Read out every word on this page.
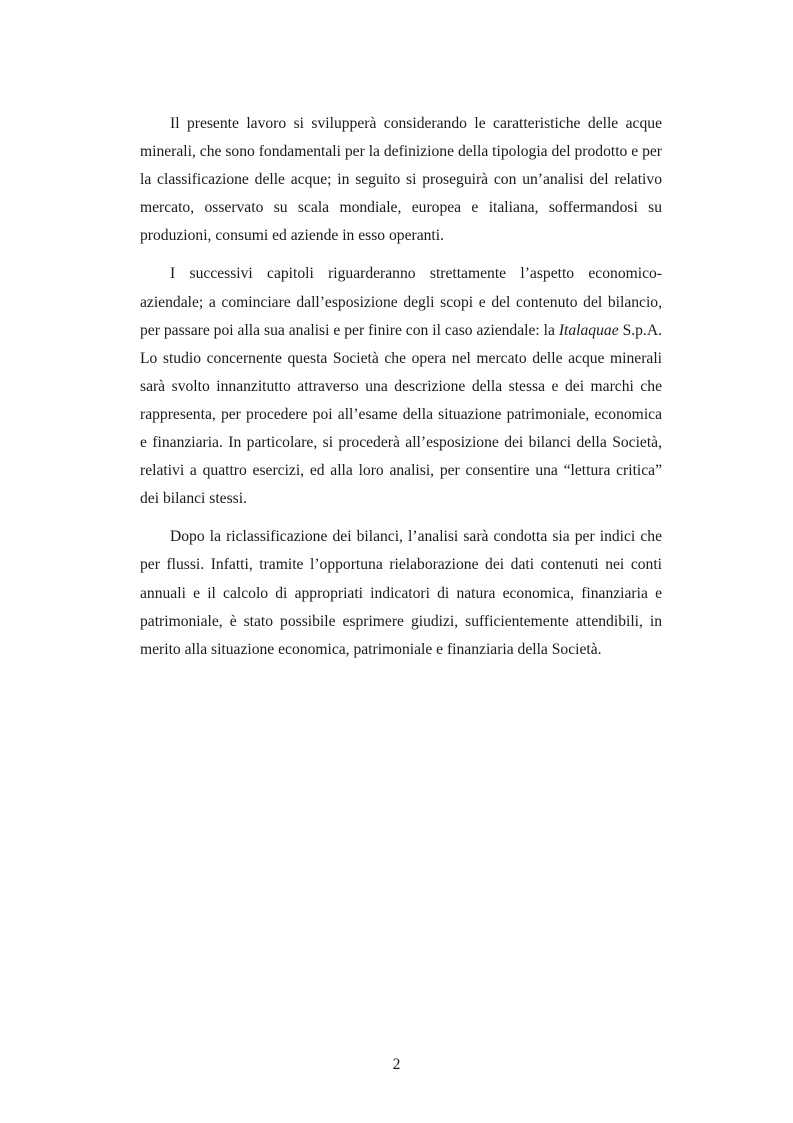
Il presente lavoro si svilupperà considerando le caratteristiche delle acque minerali, che sono fondamentali per la definizione della tipologia del prodotto e per la classificazione delle acque; in seguito si proseguirà con un’analisi del relativo mercato, osservato su scala mondiale, europea e italiana, soffermandosi su produzioni, consumi ed aziende in esso operanti.

I successivi capitoli riguarderanno strettamente l’aspetto economico-aziendale; a cominciare dall’esposizione degli scopi e del contenuto del bilancio, per passare poi alla sua analisi e per finire con il caso aziendale: la Italaquae S.p.A. Lo studio concernente questa Società che opera nel mercato delle acque minerali sarà svolto innanzitutto attraverso una descrizione della stessa e dei marchi che rappresenta, per procedere poi all’esame della situazione patrimoniale, economica e finanziaria. In particolare, si procederà all’esposizione dei bilanci della Società, relativi a quattro esercizi, ed alla loro analisi, per consentire una “lettura critica” dei bilanci stessi.

Dopo la riclassificazione dei bilanci, l’analisi sarà condotta sia per indici che per flussi. Infatti, tramite l’opportuna rielaborazione dei dati contenuti nei conti annuali e il calcolo di appropriati indicatori di natura economica, finanziaria e patrimoniale, è stato possibile esprimere giudizi, sufficientemente attendibili, in merito alla situazione economica, patrimoniale e finanziaria della Società.

2
